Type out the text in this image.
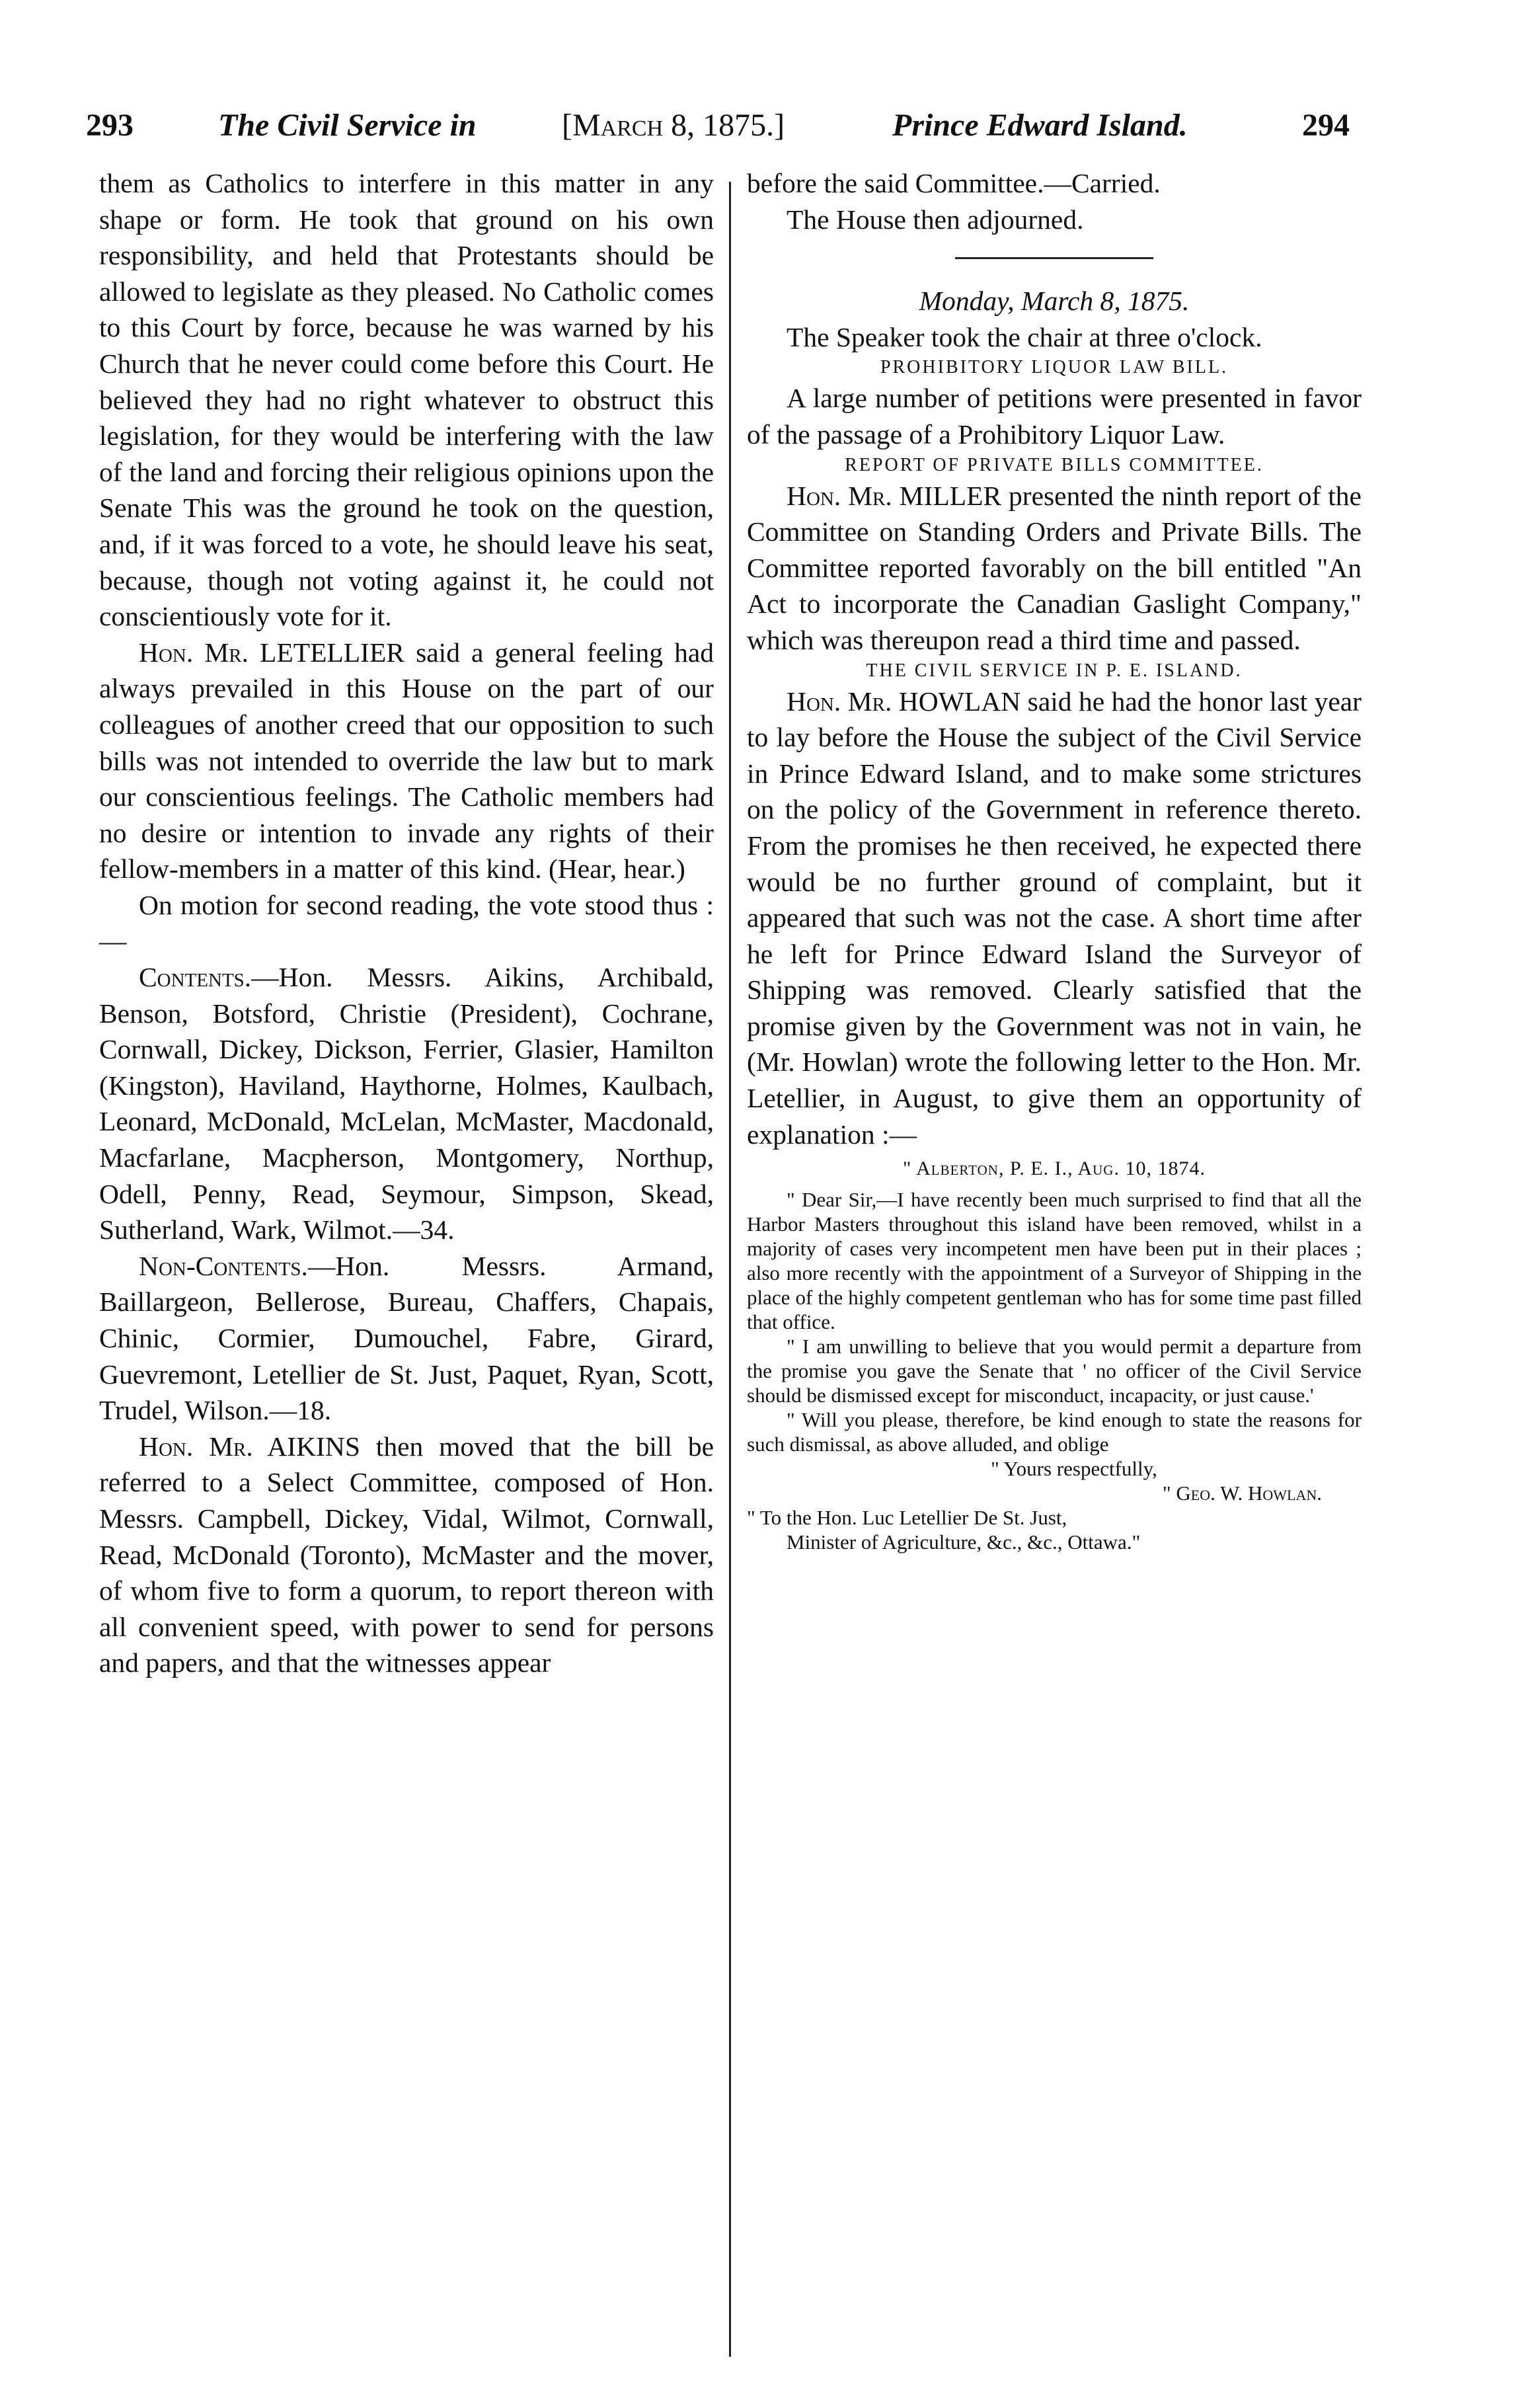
293	The Civil Service in	[March 8, 1875.]	Prince Edward Island.	294

them as Catholics to interfere in this matter in any shape or form. He took that ground on his own responsibility, and held that Protestants should be allowed to legislate as they pleased. No Catholic comes to this Court by force, because he was warned by his Church that he never could come before this Court. He believed they had no right whatever to obstruct this legislation, for they would be interfering with the law of the land and forcing their religious opinions upon the Senate This was the ground he took on the question, and, if it was forced to a vote, he should leave his seat, because, though not voting against it, he could not conscientiously vote for it.

Hon. Mr. LETELLIER said a general feeling had always prevailed in this House on the part of our colleagues of another creed that our opposition to such bills was not intended to override the law but to mark our conscientious feelings. The Catholic members had no desire or intention to invade any rights of their fellow-members in a matter of this kind. (Hear, hear.)

On motion for second reading, the vote stood thus :—

Contents.—Hon. Messrs. Aikins, Archibald, Benson, Botsford, Christie (President), Cochrane, Cornwall, Dickey, Dickson, Ferrier, Glasier, Hamilton (Kingston), Haviland, Haythorne, Holmes, Kaulbach, Leonard, McDonald, McLelan, McMaster, Macdonald, Macfarlane, Macpherson, Montgomery, Northup, Odell, Penny, Read, Seymour, Simpson, Skead, Sutherland, Wark, Wilmot.—34.

Non-Contents.—Hon. Messrs. Armand, Baillargeon, Bellerose, Bureau, Chaffers, Chapais, Chinic, Cormier, Dumouchel, Fabre, Girard, Guevremont, Letellier de St. Just, Paquet, Ryan, Scott, Trudel, Wilson.—18.

Hon. Mr. AIKINS then moved that the bill be referred to a Select Committee, composed of Hon. Messrs. Campbell, Dickey, Vidal, Wilmot, Cornwall, Read, McDonald (Toronto), McMaster and the mover, of whom five to form a quorum, to report thereon with all convenient speed, with power to send for persons and papers, and that the witnesses appear

before the said Committee.—Carried.

The House then adjourned.

Monday, March 8, 1875.

The Speaker took the chair at three o'clock.

PROHIBITORY LIQUOR LAW BILL.

A large number of petitions were presented in favor of the passage of a Prohibitory Liquor Law.

REPORT OF PRIVATE BILLS COMMITTEE.

Hon. Mr. MILLER presented the ninth report of the Committee on Standing Orders and Private Bills. The Committee reported favorably on the bill entitled "An Act to incorporate the Canadian Gaslight Company," which was thereupon read a third time and passed.

THE CIVIL SERVICE IN P. E. ISLAND.

Hon. Mr. HOWLAN said he had the honor last year to lay before the House the subject of the Civil Service in Prince Edward Island, and to make some strictures on the policy of the Government in reference thereto. From the promises he then received, he expected there would be no further ground of complaint, but it appeared that such was not the case. A short time after he left for Prince Edward Island the Surveyor of Shipping was removed. Clearly satisfied that the promise given by the Government was not in vain, he (Mr. Howlan) wrote the following letter to the Hon. Mr. Letellier, in August, to give them an opportunity of explanation :—

" Alberton, P. E. I., Aug. 10, 1874.

" Dear Sir,—I have recently been much surprised to find that all the Harbor Masters throughout this island have been removed, whilst in a majority of cases very incompetent men have been put in their places ; also more recently with the appointment of a Surveyor of Shipping in the place of the highly competent gentleman who has for some time past filled that office.

" I am unwilling to believe that you would permit a departure from the promise you gave the Senate that ' no officer of the Civil Service should be dismissed except for misconduct, incapacity, or just cause.'

" Will you please, therefore, be kind enough to state the reasons for such dismissal, as above alluded, and oblige

" Yours respectfully,

" Geo. W. Howlan.

" To the Hon. Luc Letellier De St. Just,

Minister of Agriculture, &c., &c., Ottawa."
